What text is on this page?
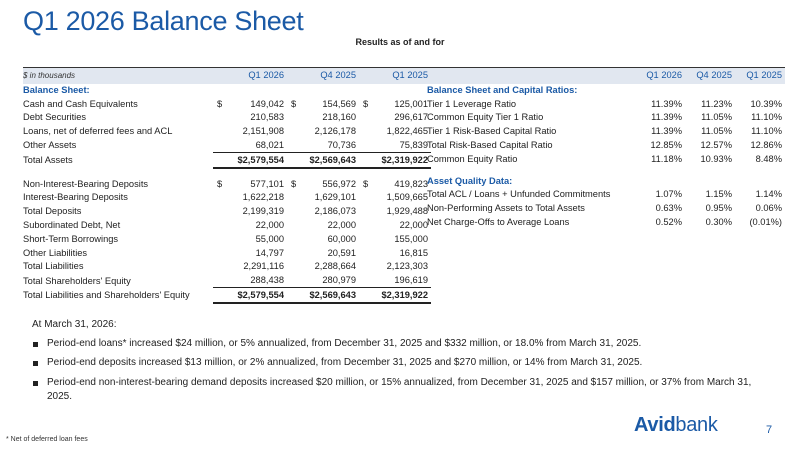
Q1 2026 Balance Sheet
Results as of and for
$ in thousands	Q1 2026	Q4 2025	Q1 2025
Balance Sheet:			
Cash and Cash Equivalents	$ 149,042	$ 154,569	$ 125,001
Debt Securities	210,583	218,160	296,617
Loans, net of deferred fees and ACL	2,151,908	2,126,178	1,822,465
Other Assets	68,021	70,736	75,839
Total Assets	$2,579,554	$2,569,643	$2,319,922

Non-Interest-Bearing Deposits	$ 577,101	$ 556,972	$ 419,823
Interest-Bearing Deposits	1,622,218	1,629,101	1,509,665
Total Deposits	2,199,319	2,186,073	1,929,488
Subordinated Debt, Net	22,000	22,000	22,000
Short-Term Borrowings	55,000	60,000	155,000
Other Liabilities	14,797	20,591	16,815
Total Liabilities	2,291,116	2,288,664	2,123,303
Total Shareholders' Equity	288,438	280,979	196,619
Total Liabilities and Shareholders' Equity	$2,579,554	$2,569,643	$2,319,922
	Q1 2026	Q4 2025	Q1 2025
Balance Sheet and Capital Ratios:			
Tier 1 Leverage Ratio	11.39%	11.23%	10.39%
Common Equity Tier 1 Ratio	11.39%	11.05%	11.10%
Tier 1 Risk-Based Capital Ratio	11.39%	11.05%	11.10%
Total Risk-Based Capital Ratio	12.85%	12.57%	12.86%
Common Equity Ratio	11.18%	10.93%	8.48%

Asset Quality Data:			
Total ACL / Loans + Unfunded Commitments	1.07%	1.15%	1.14%
Non-Performing Assets to Total Assets	0.63%	0.95%	0.06%
Net Charge-Offs to Average Loans	0.52%	0.30%	(0.01%)
At March 31, 2026:
Period-end loans* increased $24 million, or 5% annualized, from December 31, 2025 and $332 million, or 18.0% from March 31, 2025.
Period-end deposits increased $13 million, or 2% annualized, from December 31, 2025 and $270 million, or 14% from March 31, 2025.
Period-end non-interest-bearing demand deposits increased $20 million, or 15% annualized, from December 31, 2025 and $157 million, or 37% from March 31, 2025.
7
Avidbank
* Net of deferred loan fees
